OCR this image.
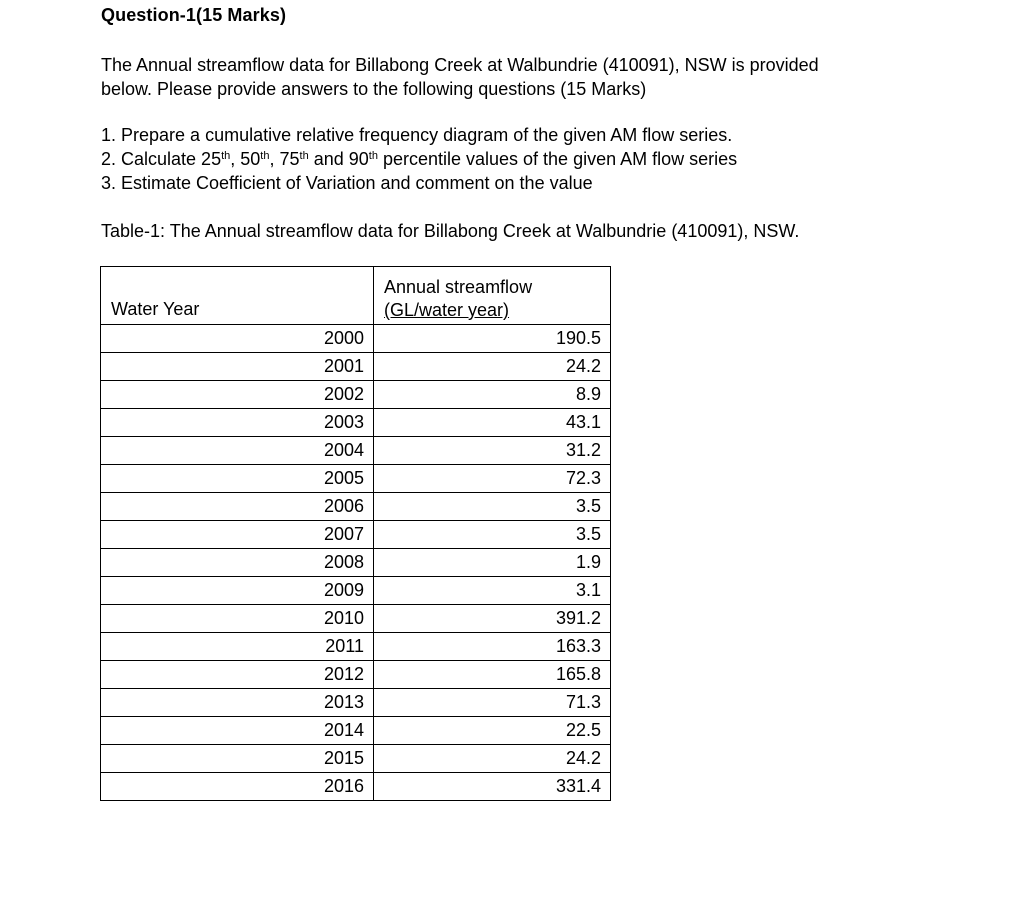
Question-1(15 Marks)
The Annual streamflow data for Billabong Creek at Walbundrie (410091), NSW is provided
below. Please provide answers to the following questions (15 Marks)
1. Prepare a cumulative relative frequency diagram of the given AM flow series.
2. Calculate 25th, 50th, 75th and 90th percentile values of the given AM flow series
3. Estimate Coefficient of Variation and comment on the value
Table-1: The Annual streamflow data for Billabong Creek at Walbundrie (410091), NSW.
Water Year	Annual streamflow
(GL/water year)

2000	190.5
2001	24.2
2002	8.9
2003	43.1
2004	31.2
2005	72.3
2006	3.5
2007	3.5
2008	1.9
2009	3.1
2010	391.2
2011	163.3
2012	165.8
2013	71.3
2014	22.5
2015	24.2
2016	331.4
